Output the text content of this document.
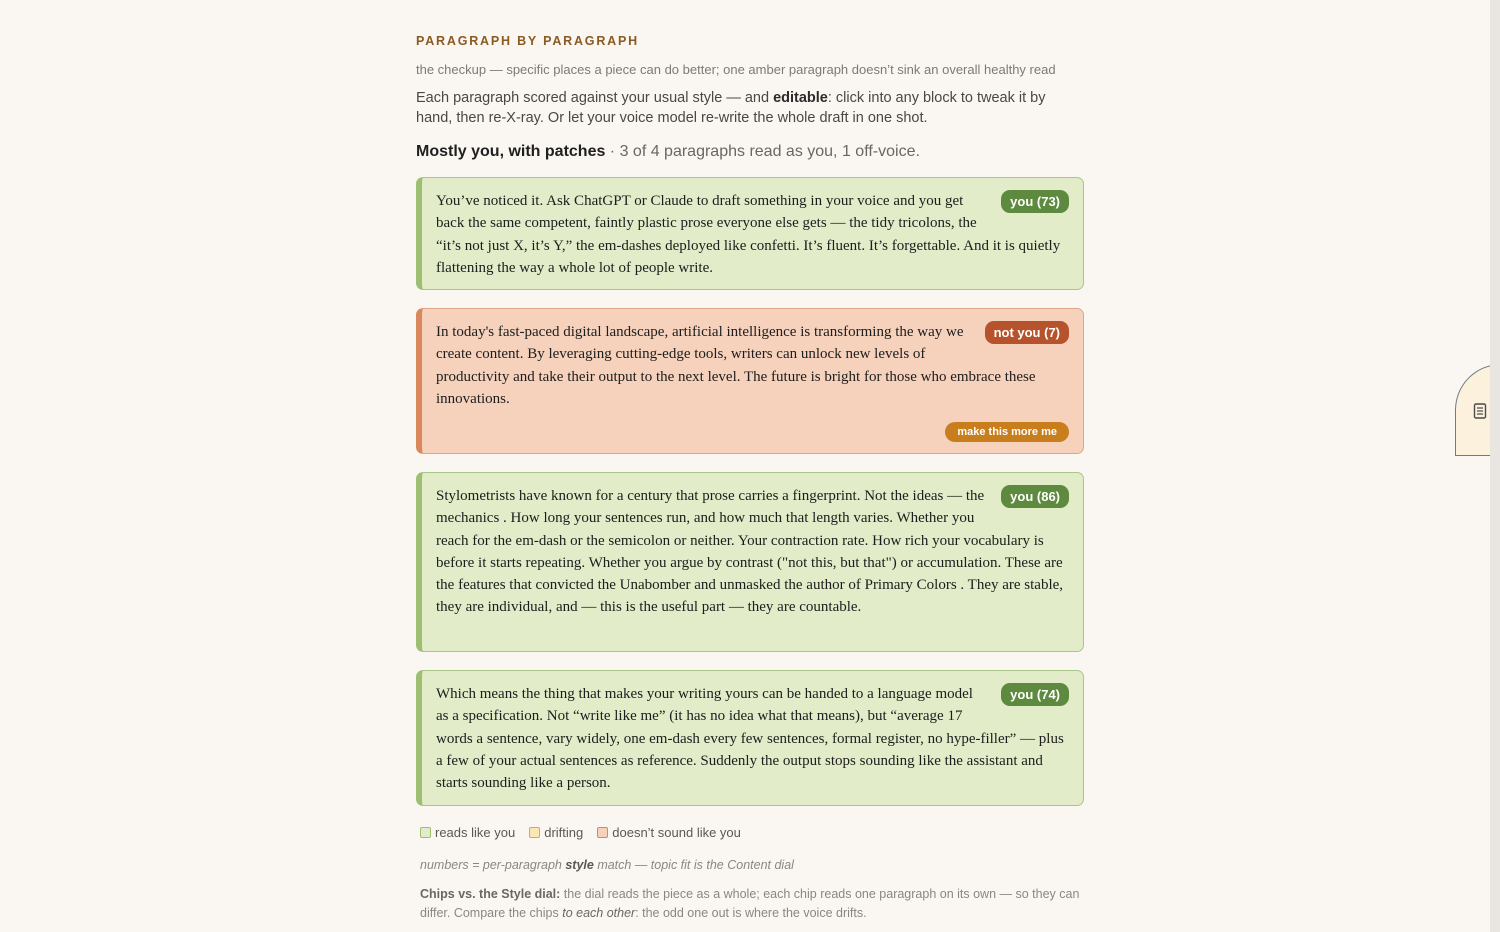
PARAGRAPH BY PARAGRAPH
the checkup — specific places a piece can do better; one amber paragraph doesn’t sink an overall healthy read
Each paragraph scored against your usual style — and editable: click into any block to tweak it by hand, then re-X-ray. Or let your voice model re-write the whole draft in one shot.
Mostly you, with patches · 3 of 4 paragraphs read as you, 1 off-voice.
you (73)

You’ve noticed it. Ask ChatGPT or Claude to draft something in your voice and you get back the same competent, faintly plastic prose everyone else gets — the tidy tricolons, the “it’s not just X, it’s Y,” the em-dashes deployed like confetti. It’s fluent. It’s forgettable. And it is quietly flattening the way a whole lot of people write.

not you (7)

In today's fast-paced digital landscape, artificial intelligence is transforming the way we create content. By leveraging cutting-edge tools, writers can unlock new levels of productivity and take their output to the next level. The future is bright for those who embrace these innovations.

make this more me
you (86)

Stylometrists have known for a century that prose carries a fingerprint. Not the ideas — the mechanics . How long your sentences run, and how much that length varies. Whether you reach for the em-dash or the semicolon or neither. Your contraction rate. How rich your vocabulary is before it starts repeating. Whether you argue by contrast ("not this, but that") or accumulation. These are the features that convicted the Unabomber and unmasked the author of Primary Colors . They are stable, they are individual, and — this is the useful part — they are countable.

you (74)

Which means the thing that makes your writing yours can be handed to a language model as a specification. Not “write like me” (it has no idea what that means), but “average 17 words a sentence, vary widely, one em-dash every few sentences, formal register, no hype-filler” — plus a few of your actual sentences as reference. Suddenly the output stops sounding like the assistant and starts sounding like a person.

reads like you drifting doesn’t sound like you
numbers = per-paragraph style match — topic fit is the Content dial
Chips vs. the Style dial: the dial reads the piece as a whole; each chip reads one paragraph on its own — so they can differ. Compare the chips to each other: the odd one out is where the voice drifts.
